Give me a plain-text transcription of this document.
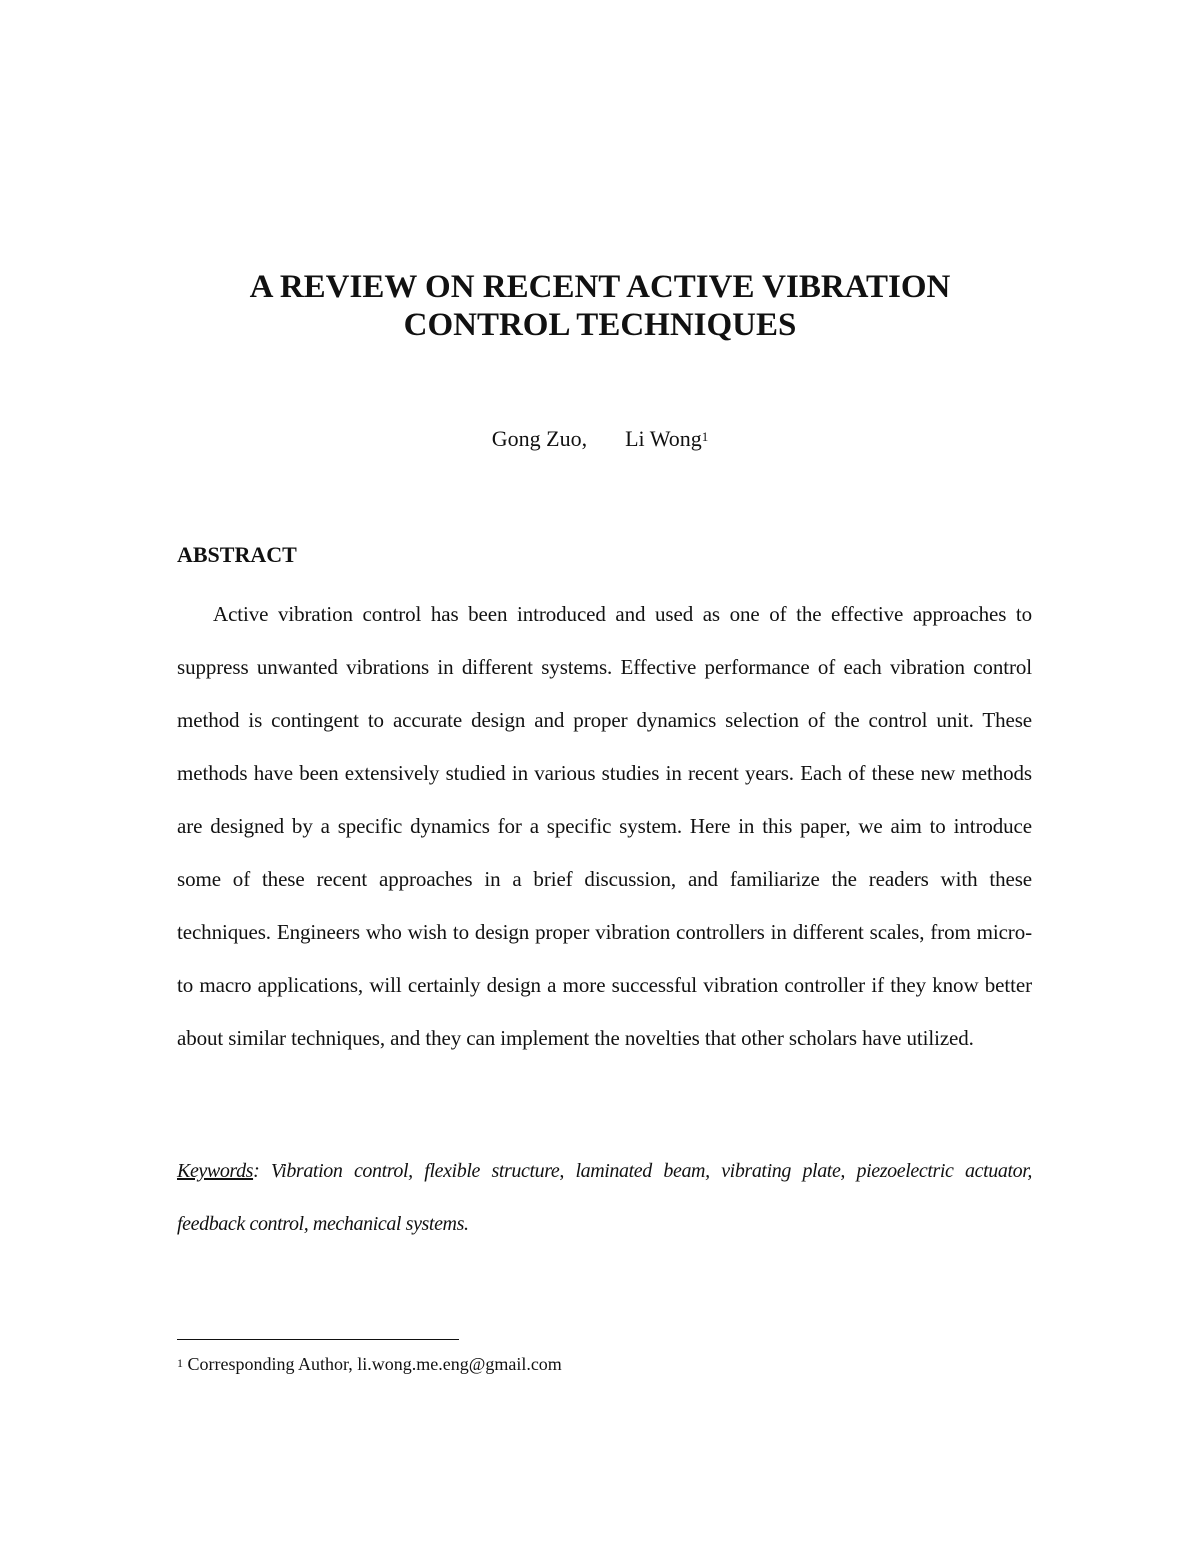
A REVIEW ON RECENT ACTIVE VIBRATION
CONTROL TECHNIQUES
Gong Zuo, Li Wong$^1$
ABSTRACT

Active vibration control has been introduced and used as one of the effective approaches to suppress unwanted vibrations in different systems. Effective performance of each vibration control method is contingent to accurate design and proper dynamics selection of the control unit. These methods have been extensively studied in various studies in recent years. Each of these new methods are designed by a specific dynamics for a specific system. Here in this paper, we aim to introduce some of these recent approaches in a brief discussion, and familiarize the readers with these techniques. Engineers who wish to design proper vibration controllers in different scales, from micro- to macro applications, will certainly design a more successful vibration controller if they know better about similar techniques, and they can implement the novelties that other scholars have utilized.

Keywords: Vibration control, flexible structure, laminated beam, vibrating plate, piezoelectric actuator, feedback control, mechanical systems.

$^1$ Corresponding Author, li.wong.me.eng@gmail.com
